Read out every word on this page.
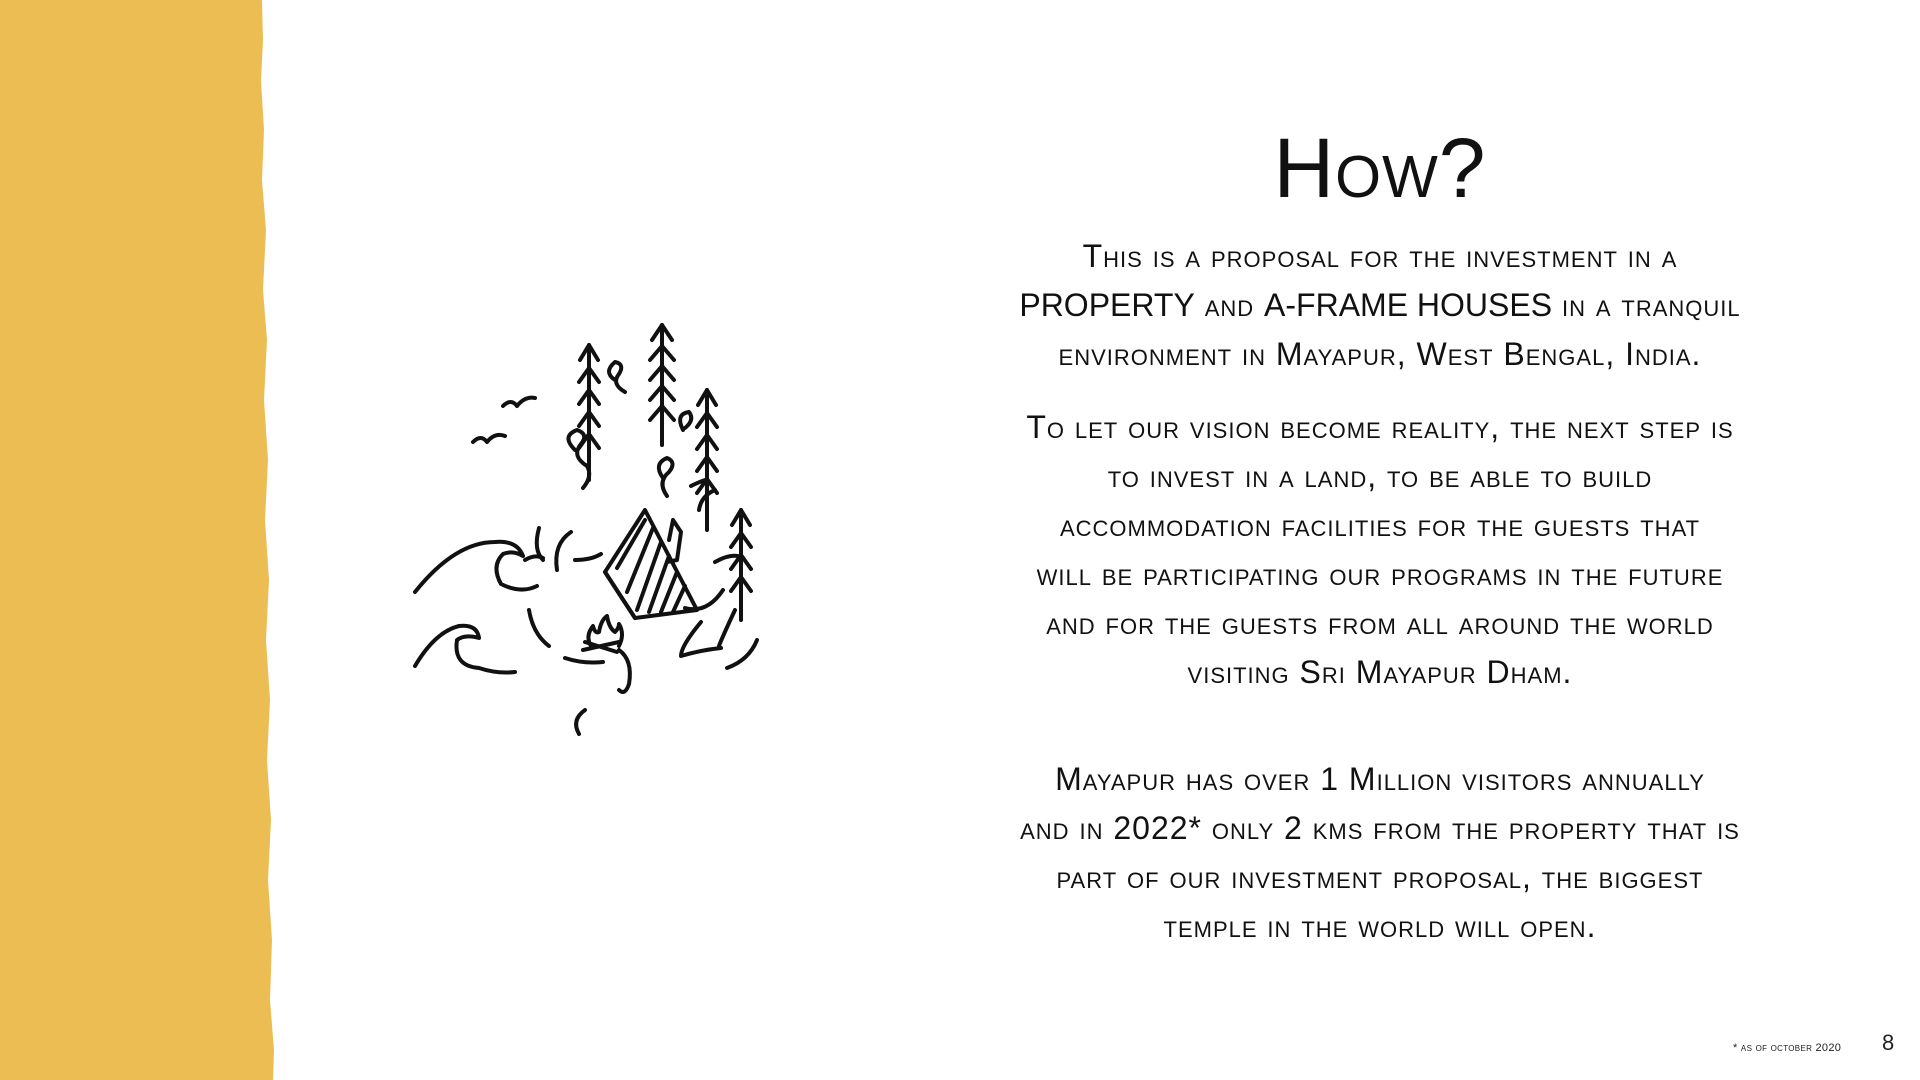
How?

This is a proposal for the investment in a
PROPERTY and A-FRAME HOUSES in a tranquil
environment in Mayapur, West Bengal, India.

To let our vision become reality, the next step is
to invest in a land, to be able to build
accommodation facilities for the guests that
will be participating our programs in the future
and for the guests from all around the world
visiting Sri Mayapur Dham.

Mayapur has over 1 Million visitors annually
and in 2022* only 2 kms from the property that is
part of our investment proposal, the biggest
temple in the world will open.

* as of october 2020 8
